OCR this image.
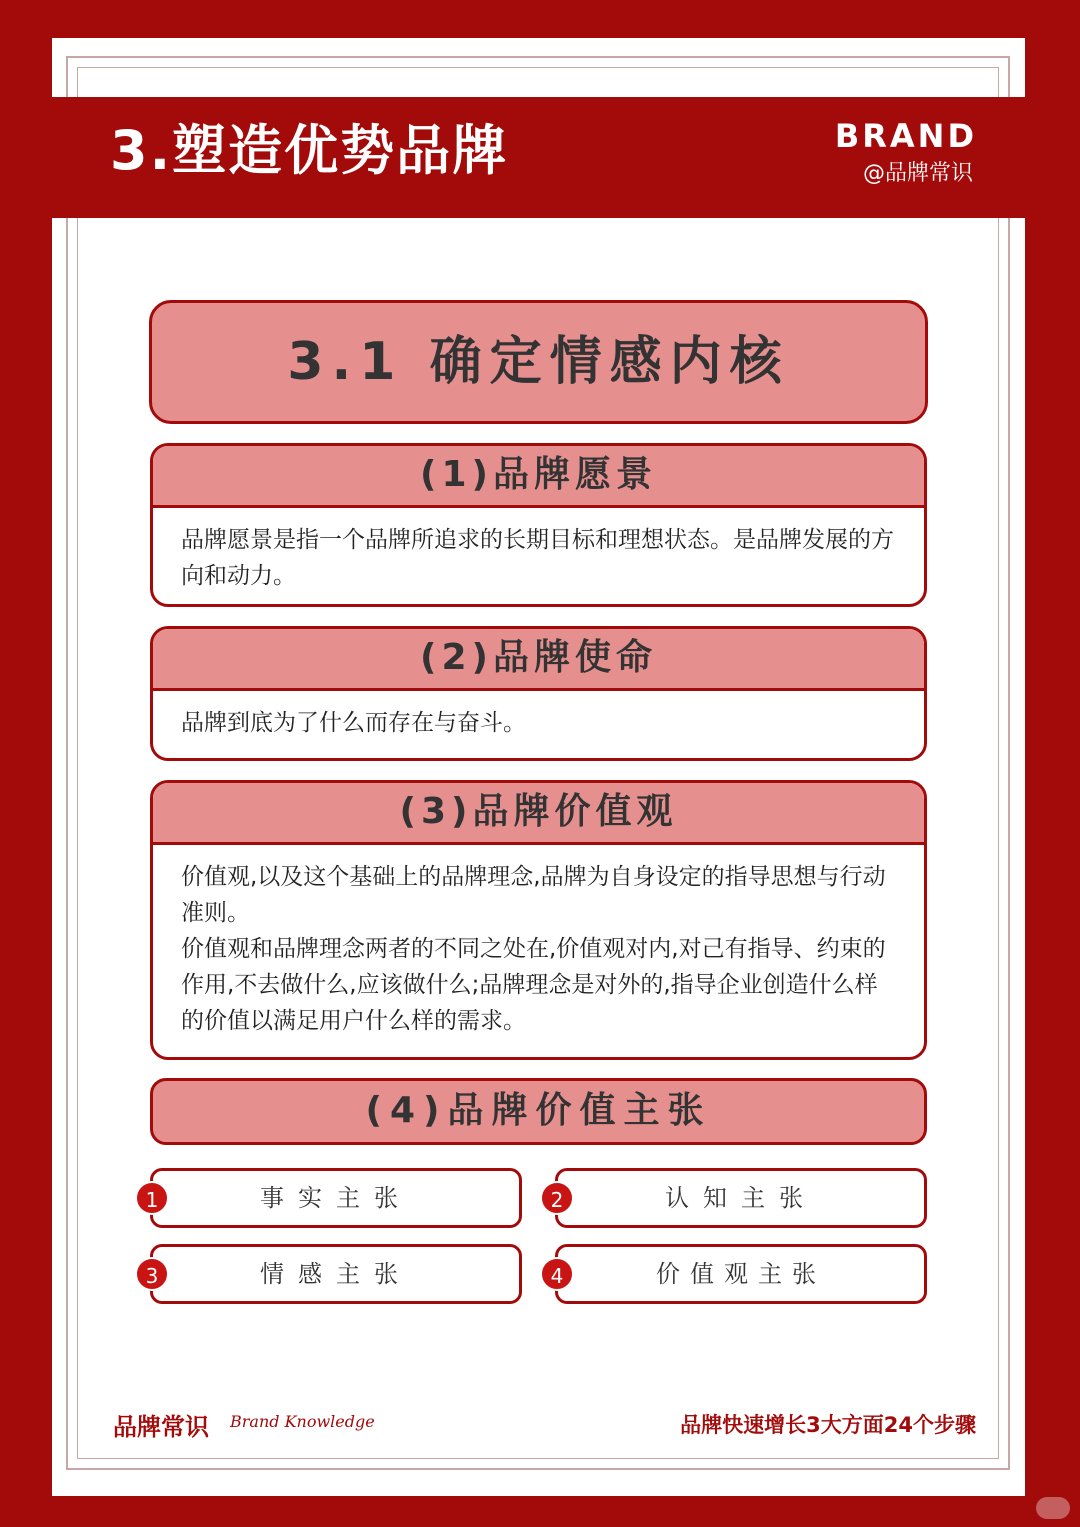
3.塑造优势品牌	BRAND
@品牌常识
3.1 确定情感内核
(1)品牌愿景
品牌愿景是指一个品牌所追求的长期目标和理想状态。是品牌发展的方向和动力。
(2)品牌使命
品牌到底为了什么而存在与奋斗。
(3)品牌价值观
价值观,以及这个基础上的品牌理念,品牌为自身设定的指导思想与行动准则。
价值观和品牌理念两者的不同之处在,价值观对内,对己有指导、约束的作用,不去做什么,应该做什么;品牌理念是对外的,指导企业创造什么样的价值以满足用户什么样的需求。
(4)品牌价值主张
事实主张
1	认知主张
2
情感主张
3	价值观主张
4
品牌常识 Brand Knowledge	品牌快速增长3大方面24个步骤
